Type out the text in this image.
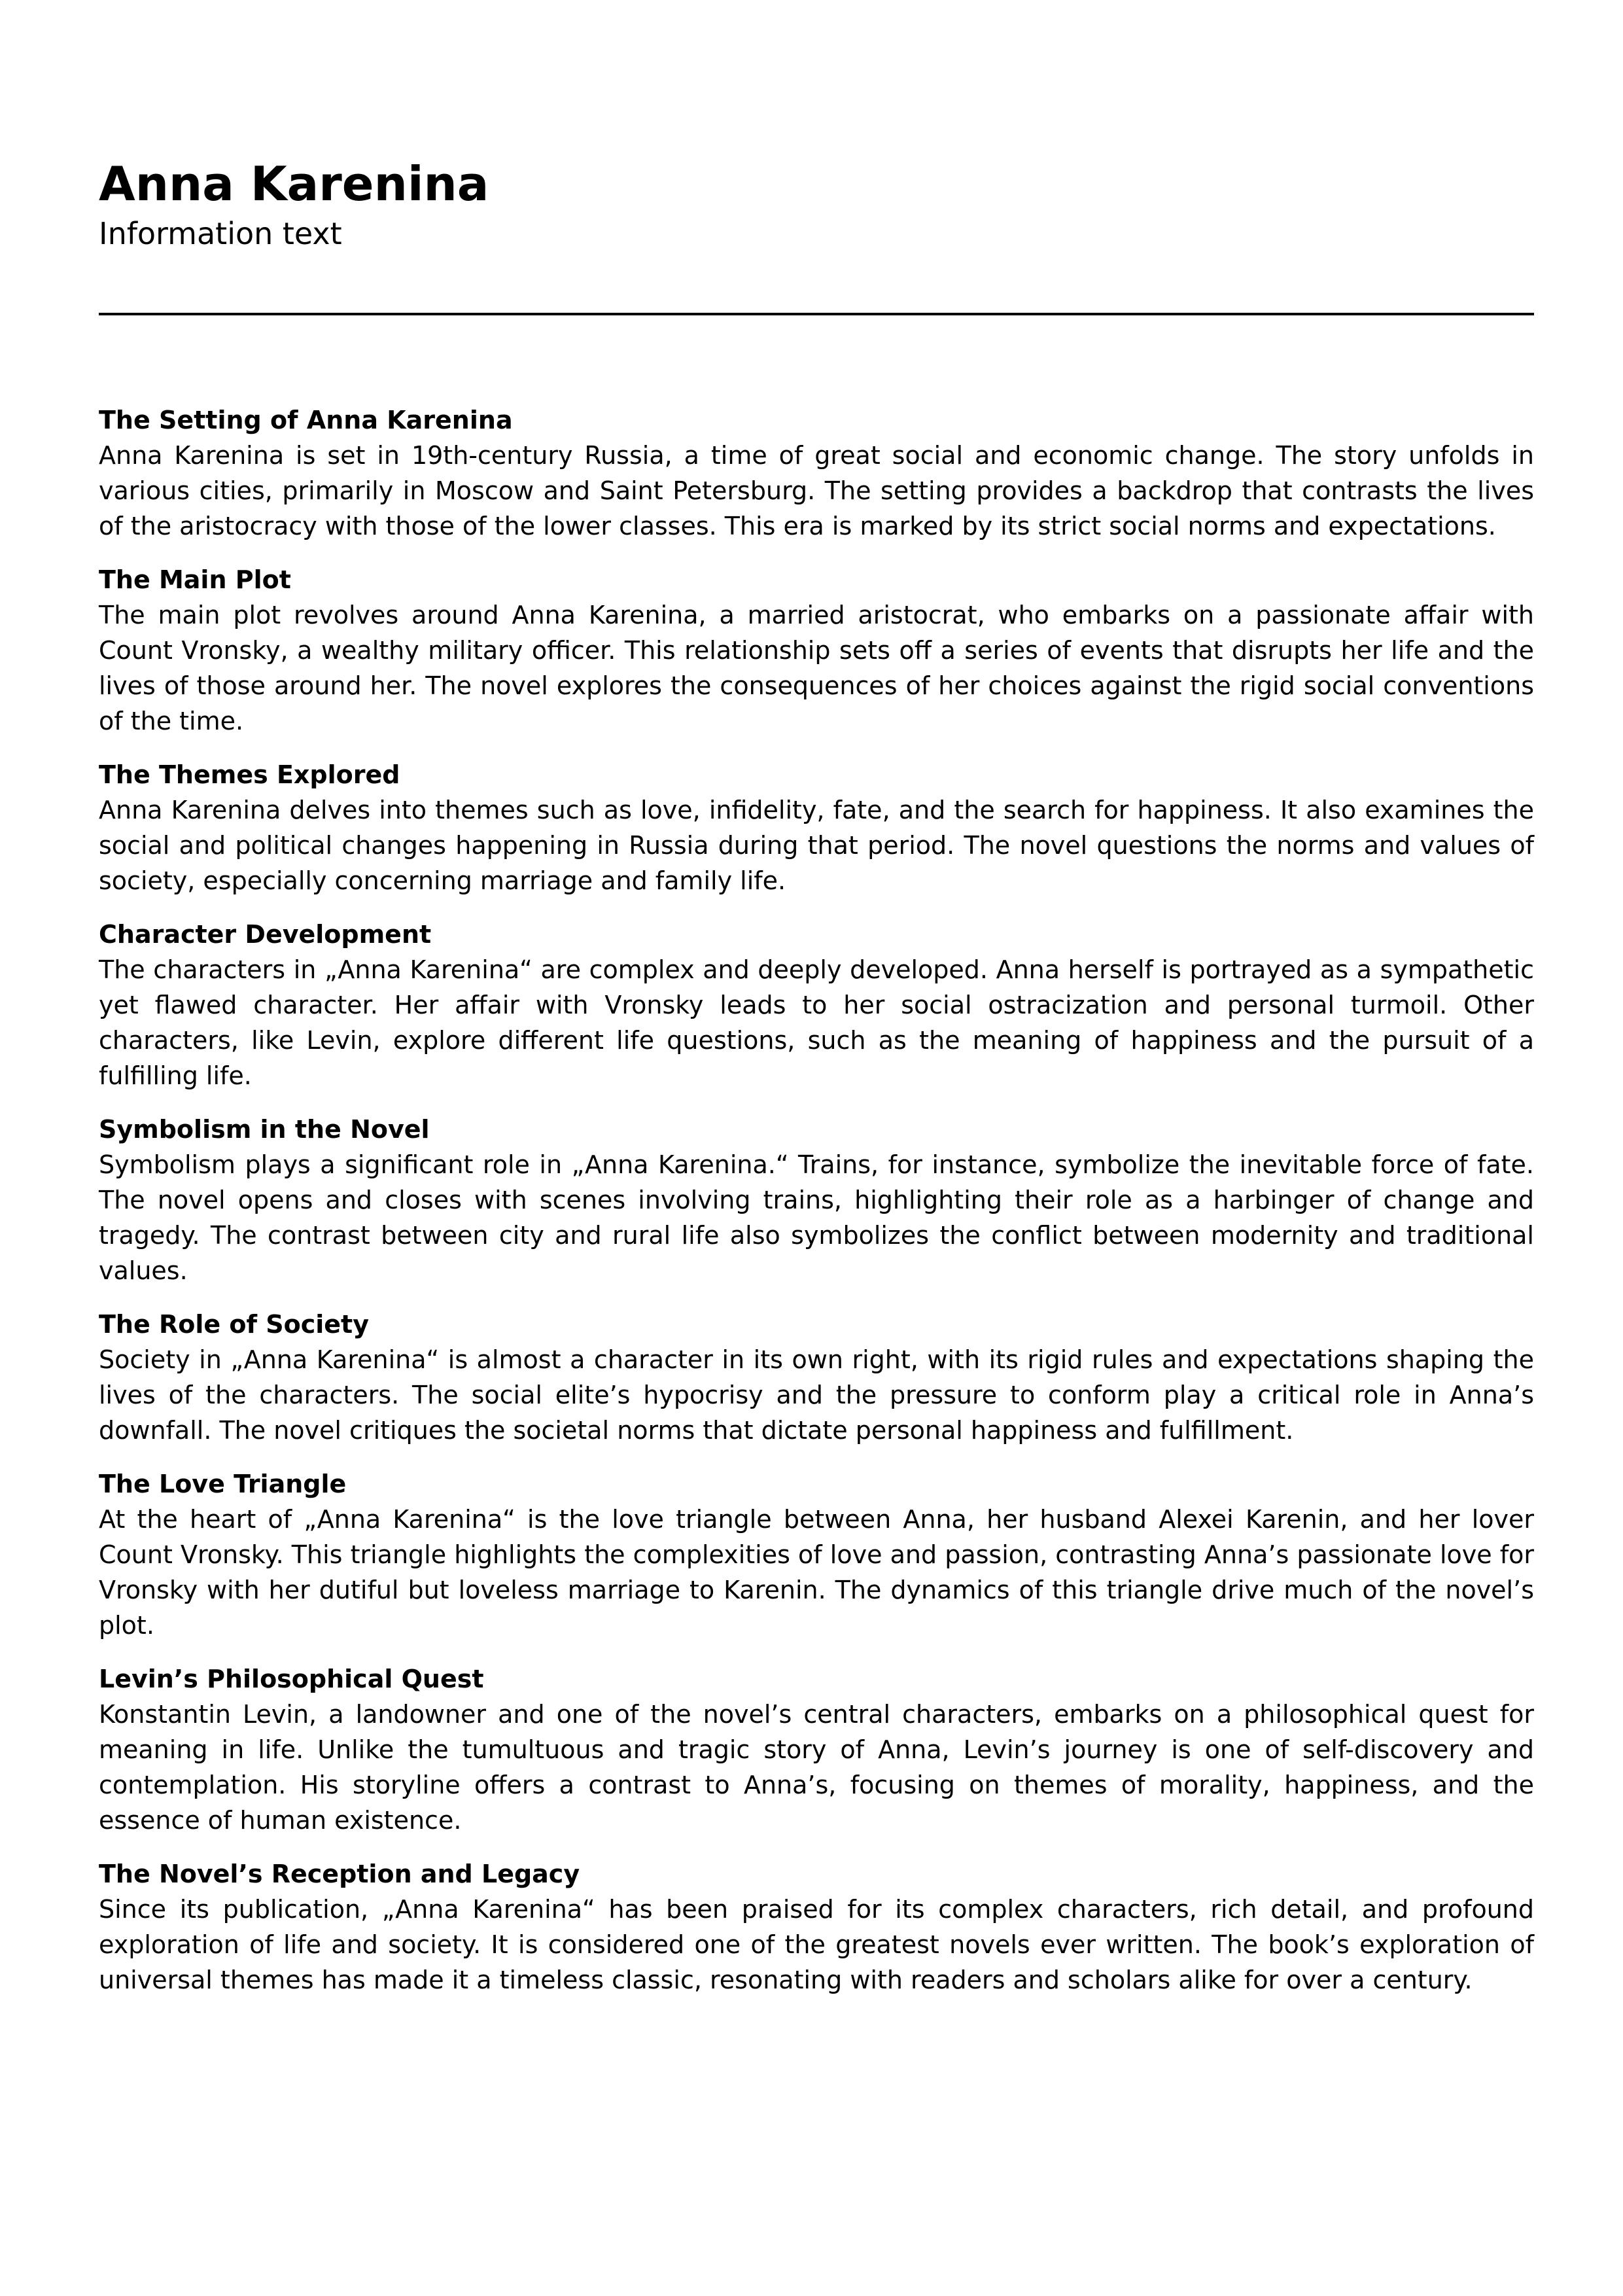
Anna Karenina

Information text

The Setting of Anna Karenina

Anna Karenina is set in 19th-century Russia, a time of great social and economic change. The story unfolds in various cities, primarily in Moscow and Saint Petersburg. The setting provides a backdrop that contrasts the lives of the aristocracy with those of the lower classes. This era is marked by its strict social norms and expectations.

The Main Plot

The main plot revolves around Anna Karenina, a married aristocrat, who embarks on a passionate affair with Count Vronsky, a wealthy military officer. This relationship sets off a series of events that disrupts her life and the lives of those around her. The novel explores the consequences of her choices against the rigid social conventions of the time.

The Themes Explored

Anna Karenina delves into themes such as love, infidelity, fate, and the search for happiness. It also examines the social and political changes happening in Russia during that period. The novel questions the norms and values of society, especially concerning marriage and family life.

Character Development

The characters in „Anna Karenina“ are complex and deeply developed. Anna herself is portrayed as a sympathetic yet flawed character. Her affair with Vronsky leads to her social ostracization and personal turmoil. Other characters, like Levin, explore different life questions, such as the meaning of happiness and the pursuit of a fulfilling life.

Symbolism in the Novel

Symbolism plays a significant role in „Anna Karenina.“ Trains, for instance, symbolize the inevitable force of fate. The novel opens and closes with scenes involving trains, highlighting their role as a harbinger of change and tragedy. The contrast between city and rural life also symbolizes the conflict between modernity and traditional values.

The Role of Society

Society in „Anna Karenina“ is almost a character in its own right, with its rigid rules and expectations shaping the lives of the characters. The social elite’s hypocrisy and the pressure to conform play a critical role in Anna’s downfall. The novel critiques the societal norms that dictate personal happiness and fulfillment.

The Love Triangle

At the heart of „Anna Karenina“ is the love triangle between Anna, her husband Alexei Karenin, and her lover Count Vronsky. This triangle highlights the complexities of love and passion, contrasting Anna’s passionate love for Vronsky with her dutiful but loveless marriage to Karenin. The dynamics of this triangle drive much of the novel’s plot.

Levin’s Philosophical Quest

Konstantin Levin, a landowner and one of the novel’s central characters, embarks on a philosophical quest for meaning in life. Unlike the tumultuous and tragic story of Anna, Levin’s journey is one of self-discovery and contemplation. His storyline offers a contrast to Anna’s, focusing on themes of morality, happiness, and the essence of human existence.

The Novel’s Reception and Legacy

Since its publication, „Anna Karenina“ has been praised for its complex characters, rich detail, and profound exploration of life and society. It is considered one of the greatest novels ever written. The book’s exploration of universal themes has made it a timeless classic, resonating with readers and scholars alike for over a century.
